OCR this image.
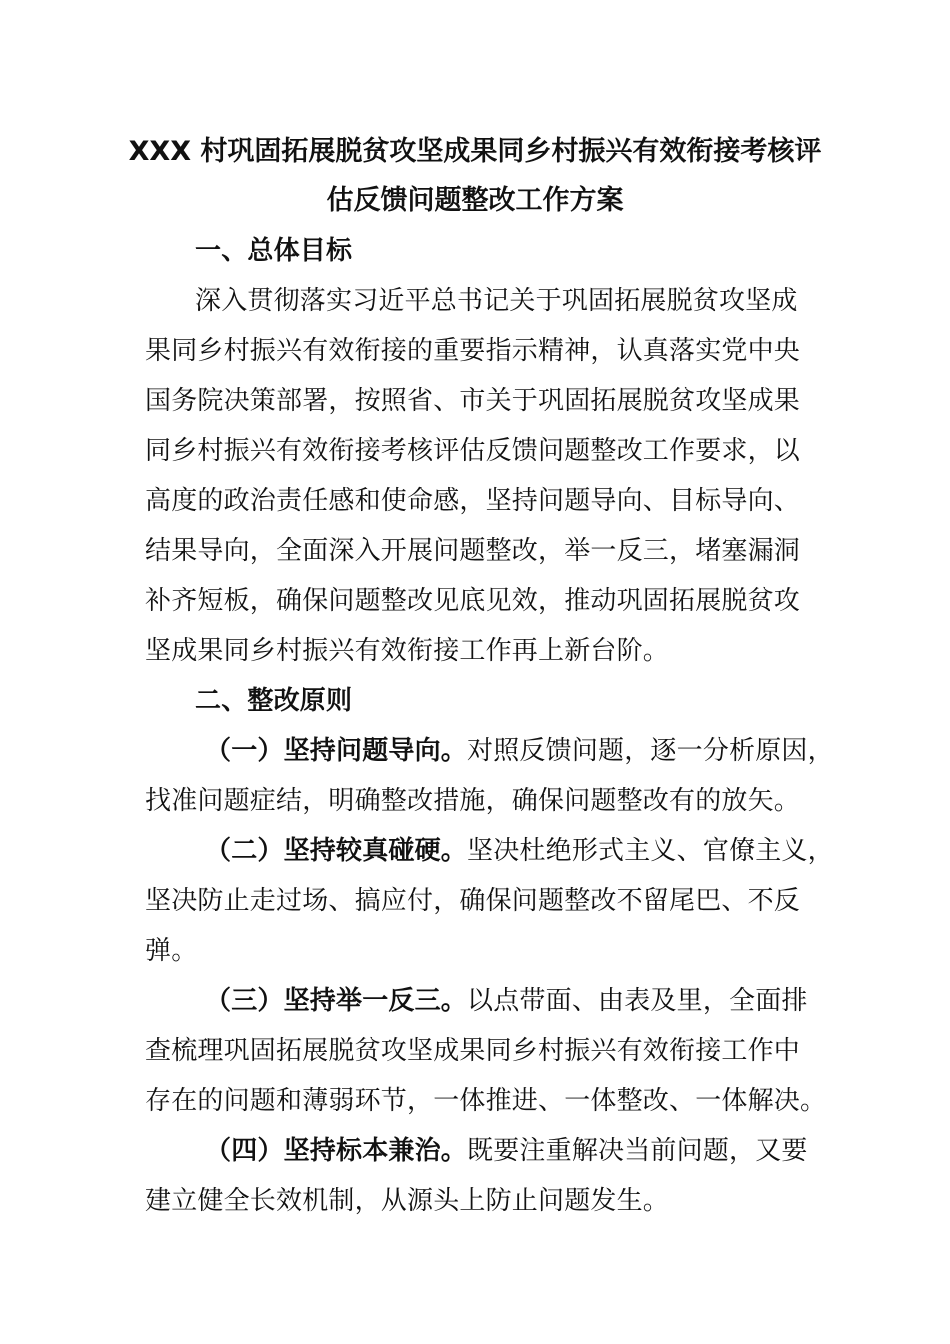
XXX 村巩固拓展脱贫攻坚成果同乡村振兴有效衔接考核评
估反馈问题整改工作方案
一、总体目标
深入贯彻落实习近平总书记关于巩固拓展脱贫攻坚成
果同乡村振兴有效衔接的重要指示精神，认真落实党中央
国务院决策部署，按照省、市关于巩固拓展脱贫攻坚成果
同乡村振兴有效衔接考核评估反馈问题整改工作要求，以
高度的政治责任感和使命感，坚持问题导向、目标导向、
结果导向，全面深入开展问题整改，举一反三，堵塞漏洞
补齐短板，确保问题整改见底见效，推动巩固拓展脱贫攻
坚成果同乡村振兴有效衔接工作再上新台阶。
二、整改原则
（一）坚持问题导向。对照反馈问题，逐一分析原因，
找准问题症结，明确整改措施，确保问题整改有的放矢。
（二）坚持较真碰硬。坚决杜绝形式主义、官僚主义，
坚决防止走过场、搞应付，确保问题整改不留尾巴、不反
弹。
（三）坚持举一反三。以点带面、由表及里，全面排
查梳理巩固拓展脱贫攻坚成果同乡村振兴有效衔接工作中
存在的问题和薄弱环节，一体推进、一体整改、一体解决。
（四）坚持标本兼治。既要注重解决当前问题，又要
建立健全长效机制，从源头上防止问题发生。
